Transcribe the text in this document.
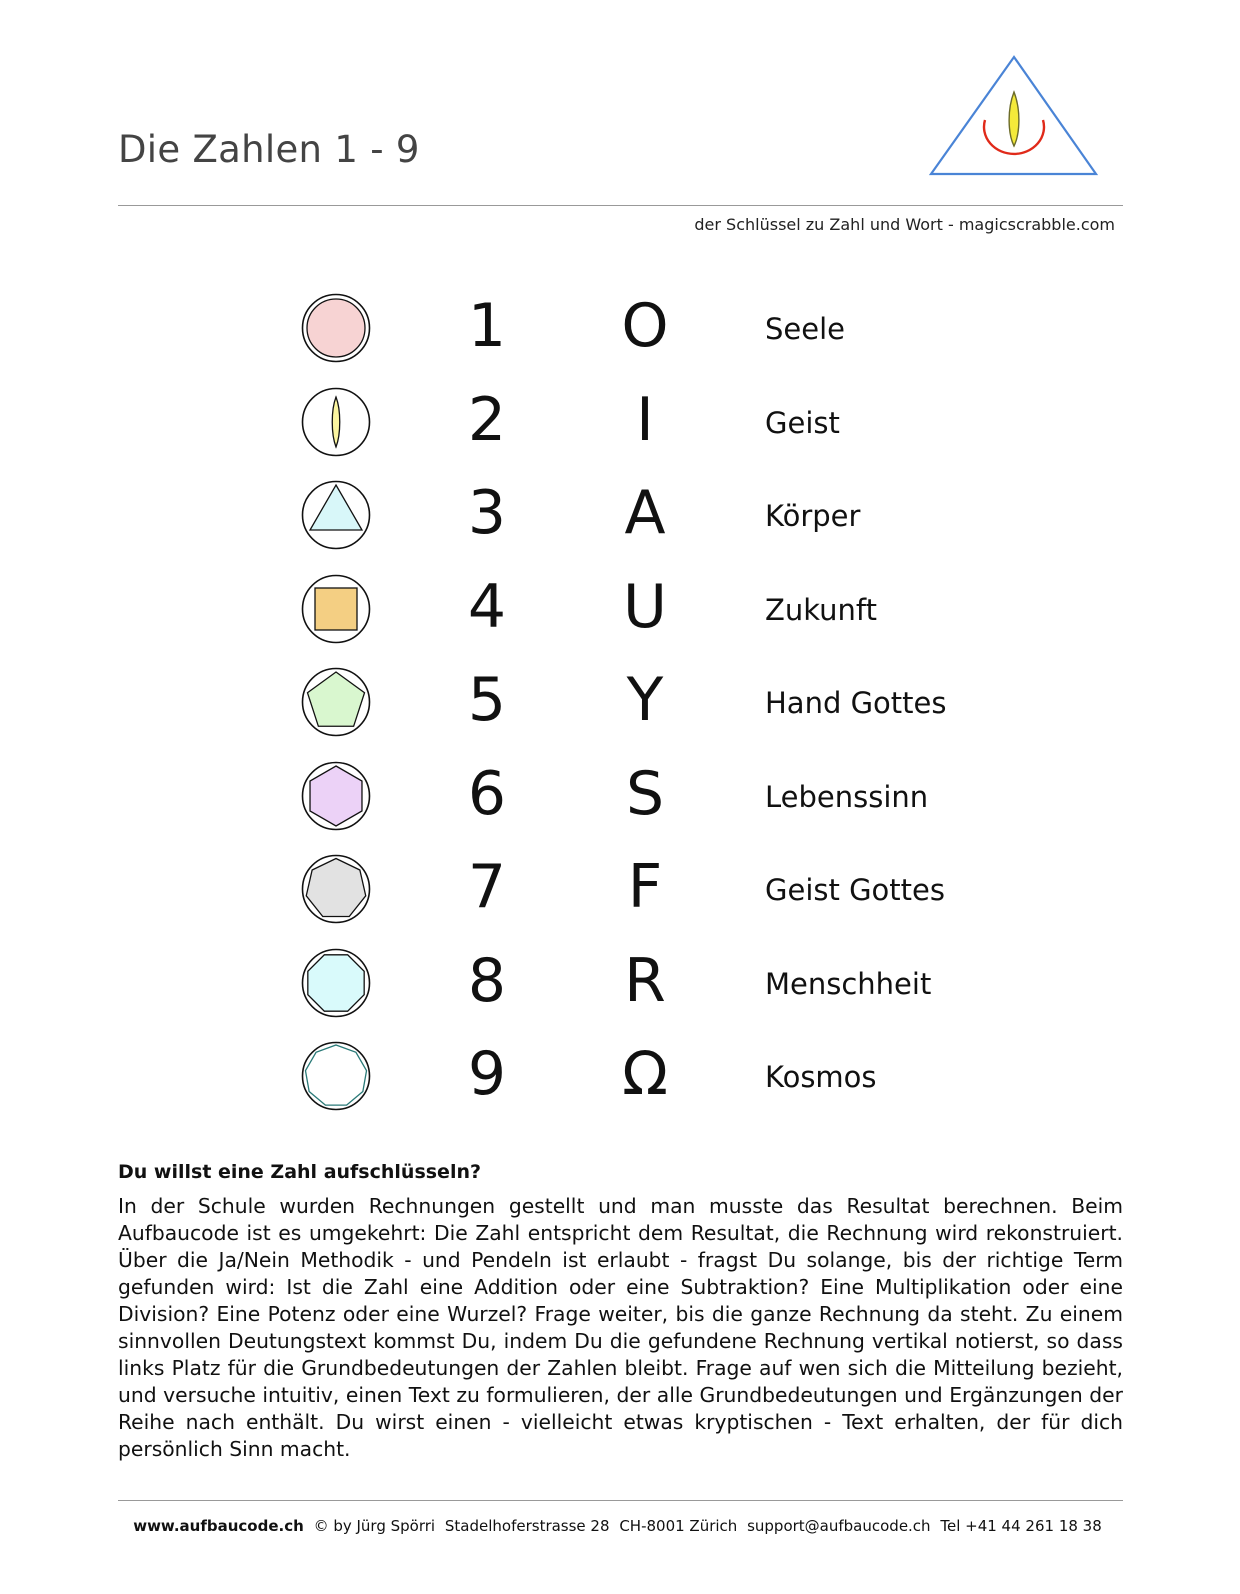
Die Zahlen 1 - 9
der Schlüssel zu Zahl und Wort - magicscrabble.com
1	O	Seele
2	I	Geist
3	A	Körper
4	U	Zukunft
5	Y	Hand Gottes
6	S	Lebenssinn
7	F	Geist Gottes
8	R	Menschheit
9	Ω	Kosmos
Du willst eine Zahl aufschlüsseln?

In der Schule wurden Rechnungen gestellt und man musste das Resultat berechnen. Beim Aufbaucode ist es umgekehrt: Die Zahl entspricht dem Resultat, die Rechnung wird rekonstruiert. Über die Ja/Nein Methodik - und Pendeln ist erlaubt - fragst Du solange, bis der richtige Term gefunden wird: Ist die Zahl eine Addition oder eine Subtraktion? Eine Multiplikation oder eine Division? Eine Potenz oder eine Wurzel? Frage weiter, bis die ganze Rechnung da steht. Zu einem sinnvollen Deutungstext kommst Du, indem Du die gefundene Rechnung vertikal notierst, so dass links Platz für die Grundbedeutungen der Zahlen bleibt. Frage auf wen sich die Mitteilung bezieht, und versuche intuitiv, einen Text zu formulieren, der alle Grundbedeutungen und Ergänzungen der Reihe nach enthält. Du wirst einen - vielleicht etwas kryptischen - Text erhalten, der für dich persönlich Sinn macht.

www.aufbaucode.ch © by Jürg Spörri Stadelhoferstrasse 28 CH-8001 Zürich support@aufbaucode.ch Tel +41 44 261 18 38
